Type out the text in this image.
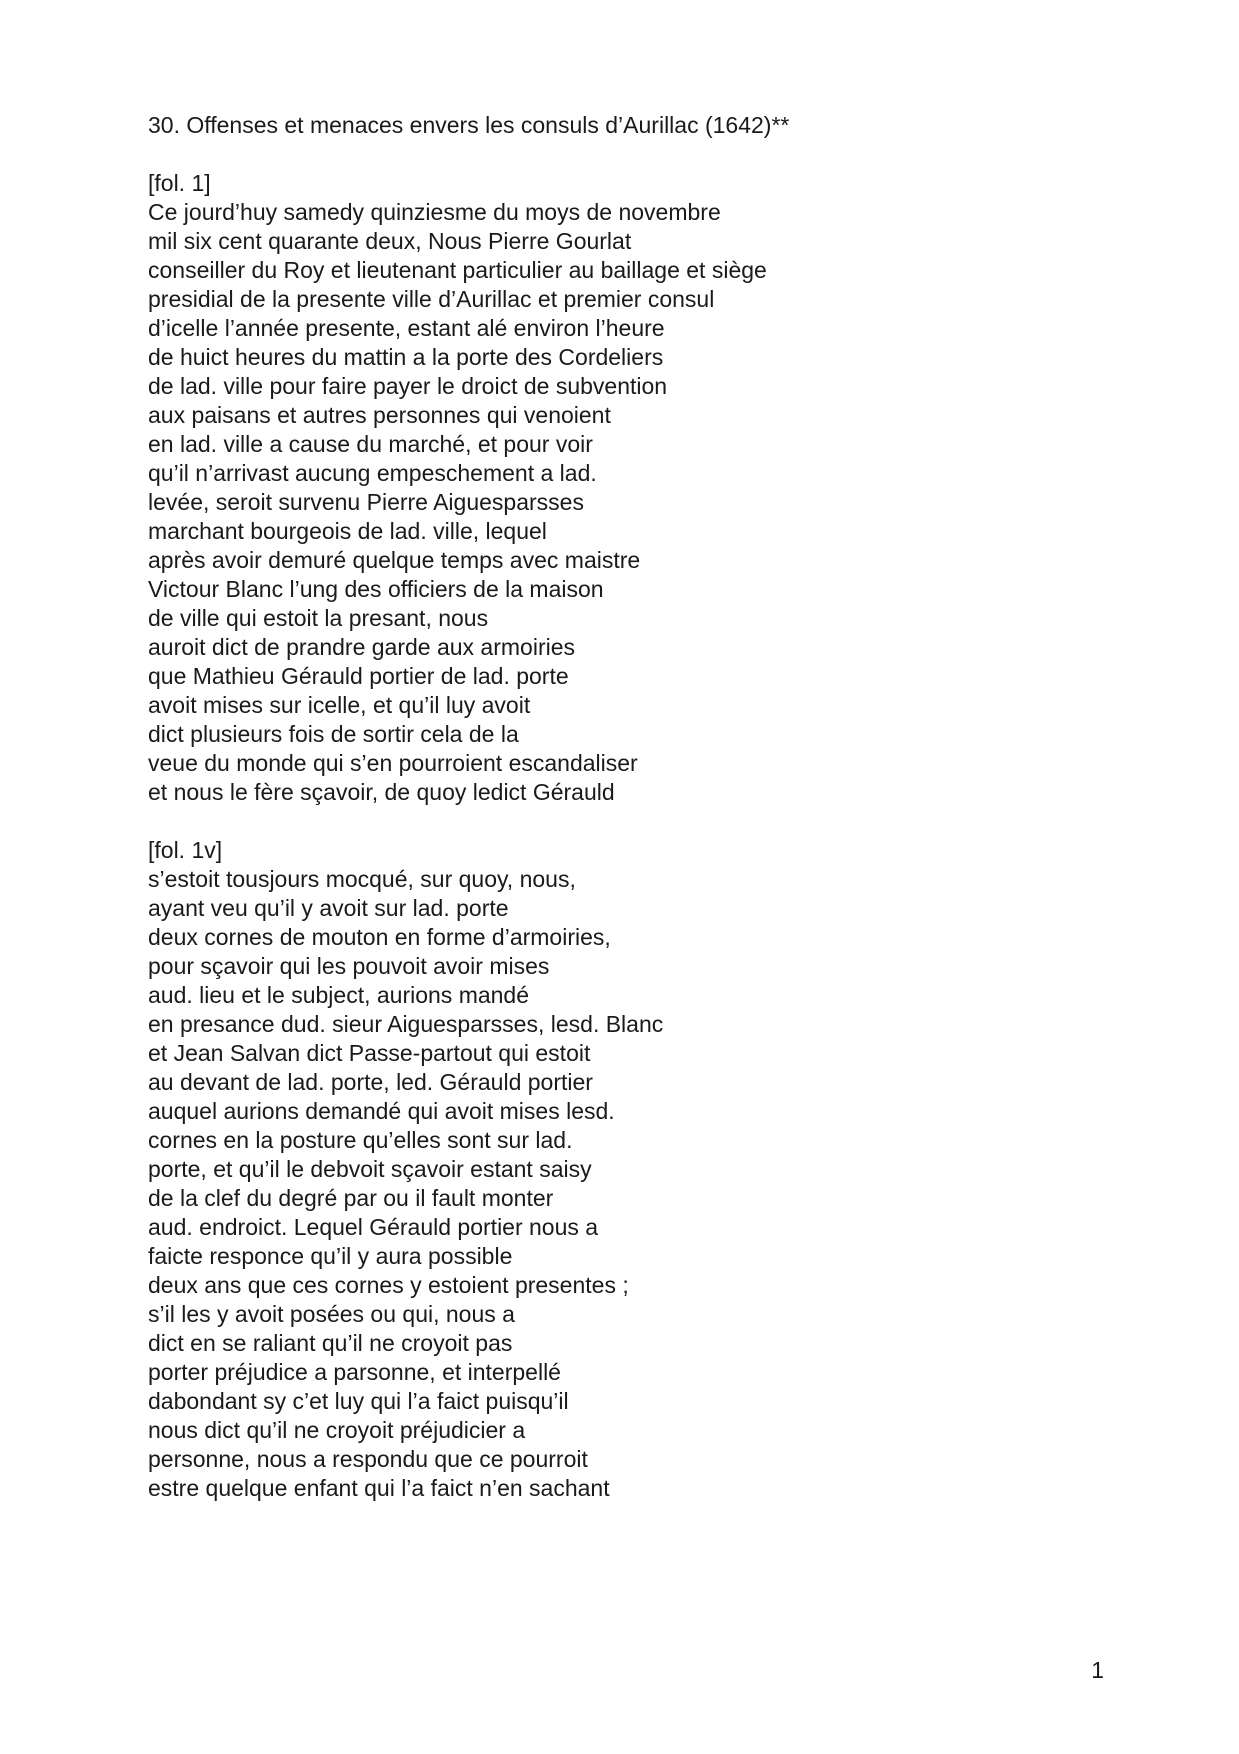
30. Offenses et menaces envers les consuls d’Aurillac (1642)**
[fol. 1]
Ce jourd’huy samedy quinziesme du moys de novembre
mil six cent quarante deux, Nous Pierre Gourlat
conseiller du Roy et lieutenant particulier au baillage et siège
presidial de la presente ville d’Aurillac et premier consul
d’icelle l’année presente, estant alé environ l’heure
de huict heures du mattin a la porte des Cordeliers
de lad. ville pour faire payer le droict de subvention
aux paisans et autres personnes qui venoient
en lad. ville a cause du marché, et pour voir
qu’il n’arrivast aucung empeschement a lad.
levée, seroit survenu Pierre Aiguesparsses
marchant bourgeois de lad. ville, lequel
après avoir demuré quelque temps avec maistre
Victour Blanc l’ung des officiers de la maison
de ville qui estoit la presant, nous
auroit dict de prandre garde aux armoiries
que Mathieu Gérauld portier de lad. porte
avoit mises sur icelle, et qu’il luy avoit
dict plusieurs fois de sortir cela de la
veue du monde qui s’en pourroient escandaliser
et nous le fère sçavoir, de quoy ledict Gérauld
[fol. 1v]
s’estoit tousjours mocqué, sur quoy, nous,
ayant veu qu’il y avoit sur lad. porte
deux cornes de mouton en forme d’armoiries,
pour sçavoir qui les pouvoit avoir mises
aud. lieu et le subject, aurions mandé
en presance dud. sieur Aiguesparsses, lesd. Blanc
et Jean Salvan dict Passe-partout qui estoit
au devant de lad. porte, led. Gérauld portier
auquel aurions demandé qui avoit mises lesd.
cornes en la posture qu’elles sont sur lad.
porte, et qu’il le debvoit sçavoir estant saisy
de la clef du degré par ou il fault monter
aud. endroict. Lequel Gérauld portier nous a
faicte responce qu’il y aura possible
deux ans que ces cornes y estoient presentes ;
s’il les y avoit posées ou qui, nous a
dict en se raliant qu’il ne croyoit pas
porter préjudice a parsonne, et interpellé
dabondant sy c’et luy qui l’a faict puisqu’il
nous dict qu’il ne croyoit préjudicier a
personne, nous a respondu que ce pourroit
estre quelque enfant qui l’a faict n’en sachant
1
